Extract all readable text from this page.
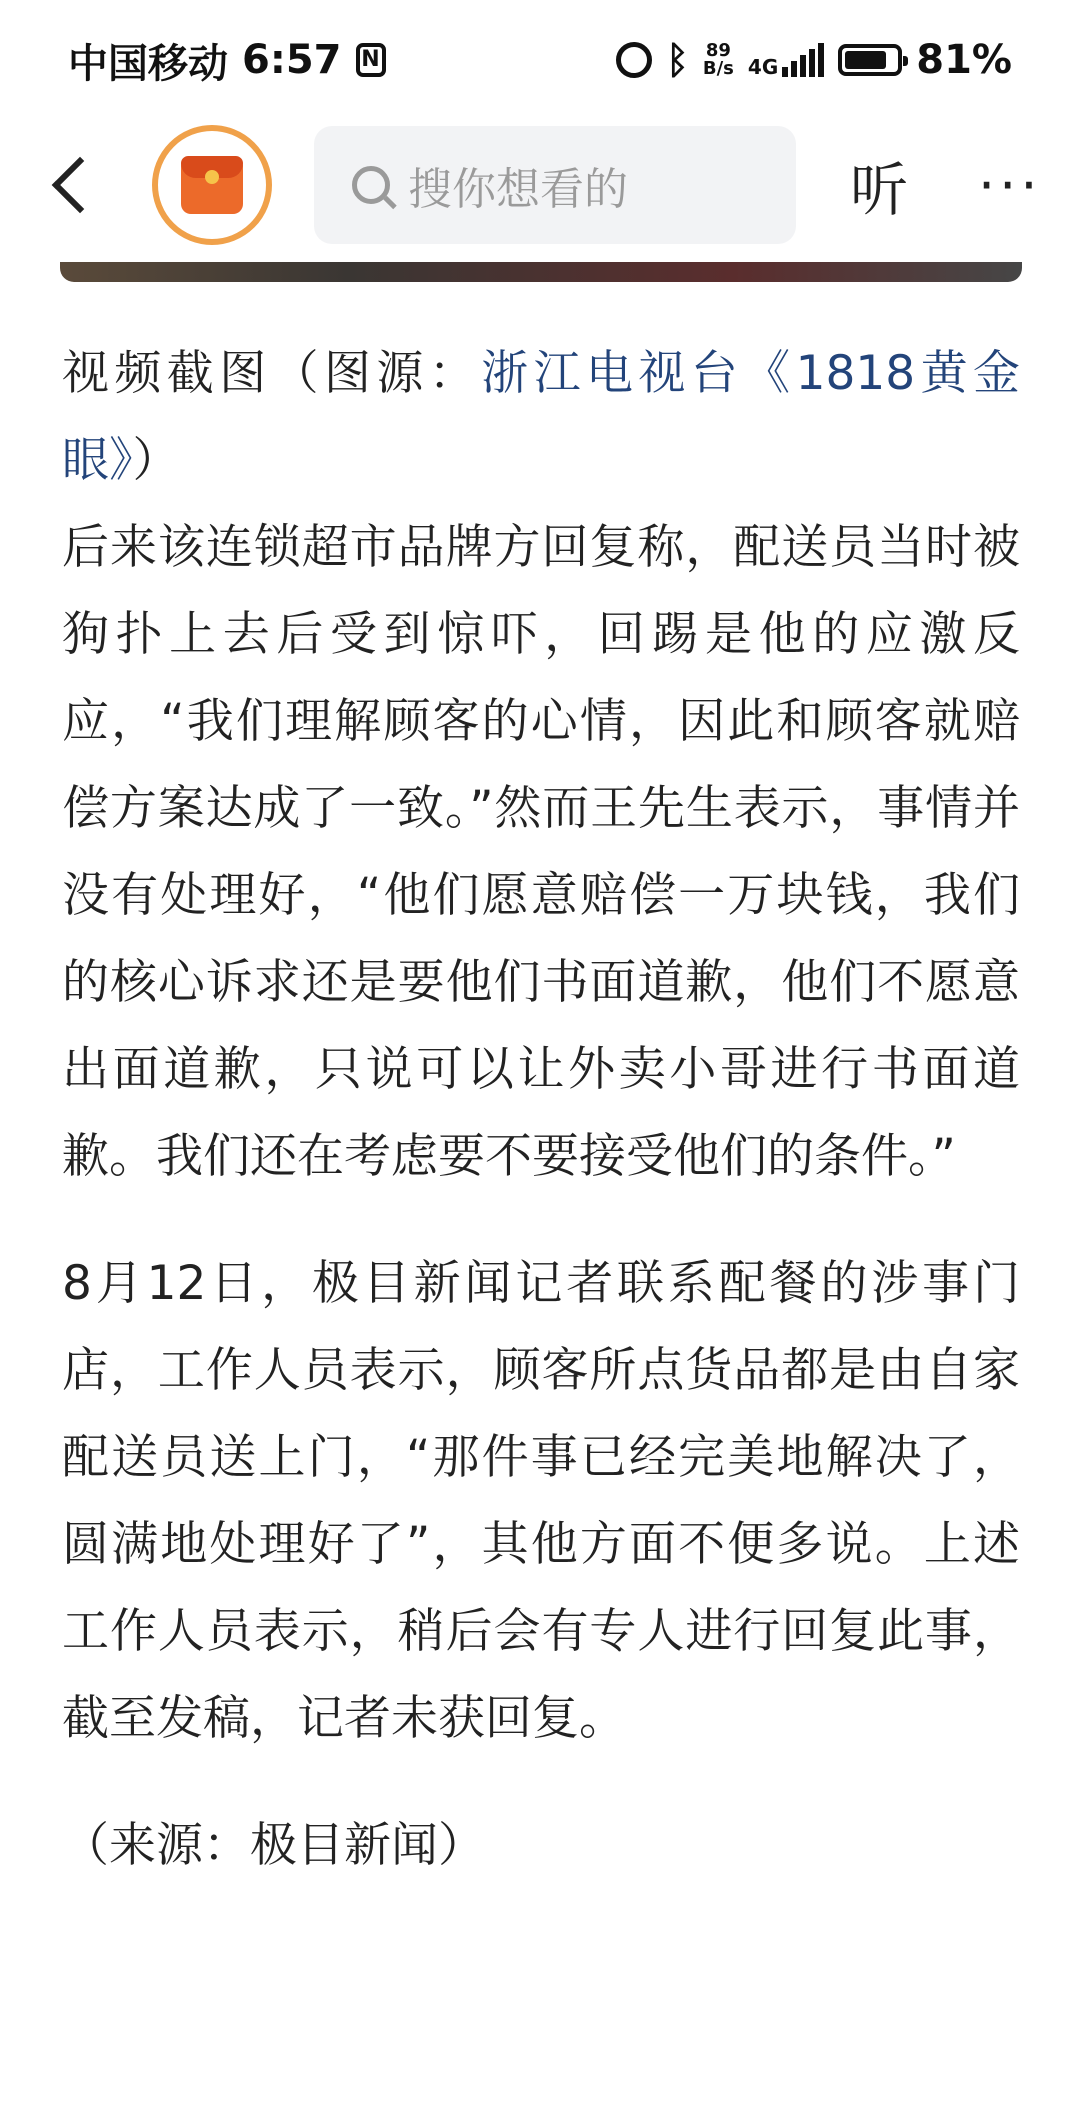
中国移动 6:57 N	ᛒ 89
B/s 4G	81%
搜你想看的	听 ···

视频截图（图源：浙江电视台《1818黄金眼》）

后来该连锁超市品牌方回复称，配送员当时被狗扑上去后受到惊吓，回踢是他的应激反应，“我们理解顾客的心情，因此和顾客就赔偿方案达成了一致。”然而王先生表示，事情并没有处理好，“他们愿意赔偿一万块钱，我们的核心诉求还是要他们书面道歉，他们不愿意出面道歉，只说可以让外卖小哥进行书面道歉。我们还在考虑要不要接受他们的条件。”

8月12日，极目新闻记者联系配餐的涉事门店，工作人员表示，顾客所点货品都是由自家配送员送上门，“那件事已经完美地解决了，圆满地处理好了”，其他方面不便多说。上述工作人员表示，稍后会有专人进行回复此事，截至发稿，记者未获回复。

（来源：极目新闻）
